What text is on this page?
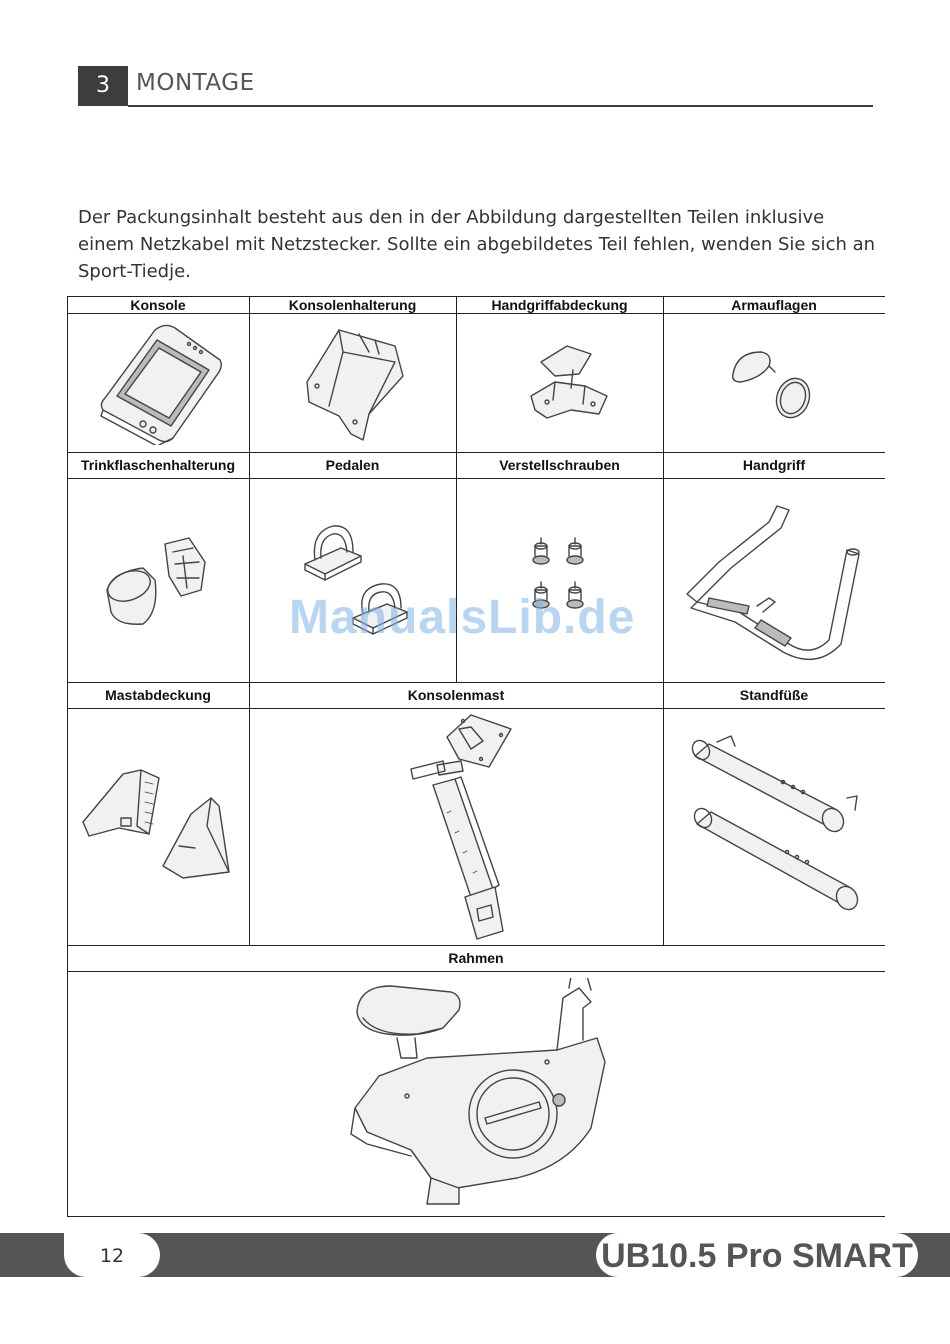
3	MONTAGE
Der Packungsinhalt besteht aus den in der Abbildung dargestellten Teilen inklusive einem Netzkabel mit Netzstecker. Sollte ein abgebildetes Teil fehlen, wenden Sie sich an Sport-Tiedje.
Konsole	Konsolenhalterung	Handgriffabdeckung	Armauflagen
Trinkflaschenhalterung	Pedalen	Verstellschrauben	Handgriff
Mastabdeckung	Konsolenmast	Standfüße
Rahmen
ManualsLib.de
12	UB10.5 Pro SMART
